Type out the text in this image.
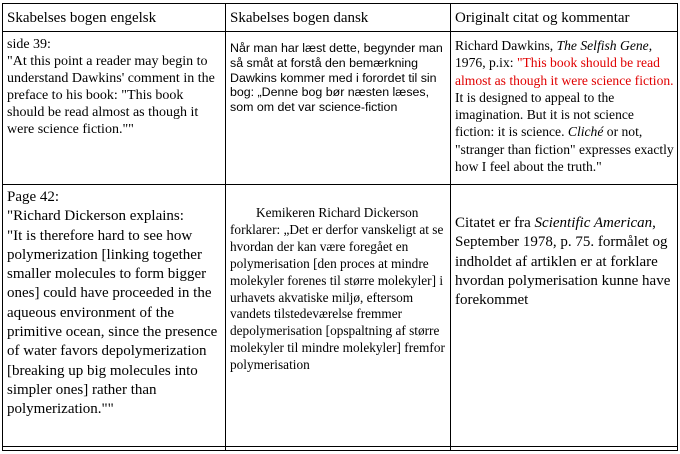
Skabelses bogen engelsk	Skabelses bogen dansk	Originalt citat og kommentar
side 39:
"At this point a reader may begin to understand Dawkins' comment in the preface to his book: "This book should be read almost as though it were science fiction.""
Når man har læst dette, begynder man så småt at forstå den bemærkning Dawkins kommer med i forordet til sin bog: „Denne bog bør næsten læses, som om det var science-fiction
Richard Dawkins, The Selfish Gene, 1976, p.ix: "This book should be read almost as though it were science fiction. It is designed to appeal to the imagination. But it is not science fiction: it is science. Cliché or not, "stranger than fiction" expresses exactly how I feel about the truth."
Page 42:
"Richard Dickerson explains:
"It is therefore hard to see how polymerization [linking together smaller molecules to form bigger ones] could have proceeded in the aqueous environment of the primitive ocean, since the presence of water favors depolymerization [breaking up big molecules into simpler ones] rather than polymerization.""
Kemikeren Richard Dickerson forklarer: „Det er derfor vanskeligt at se hvordan der kan være foregået en polymerisation [den proces at mindre molekyler forenes til større molekyler] i urhavets akvatiske miljø, eftersom vandets tilstedeværelse fremmer depolymerisation [opspaltning af større molekyler til mindre molekyler] fremfor polymerisation
Citatet er fra Scientific American, September 1978, p. 75. formålet og indholdet af artiklen er at forklare hvordan polymerisation kunne have forekommet
